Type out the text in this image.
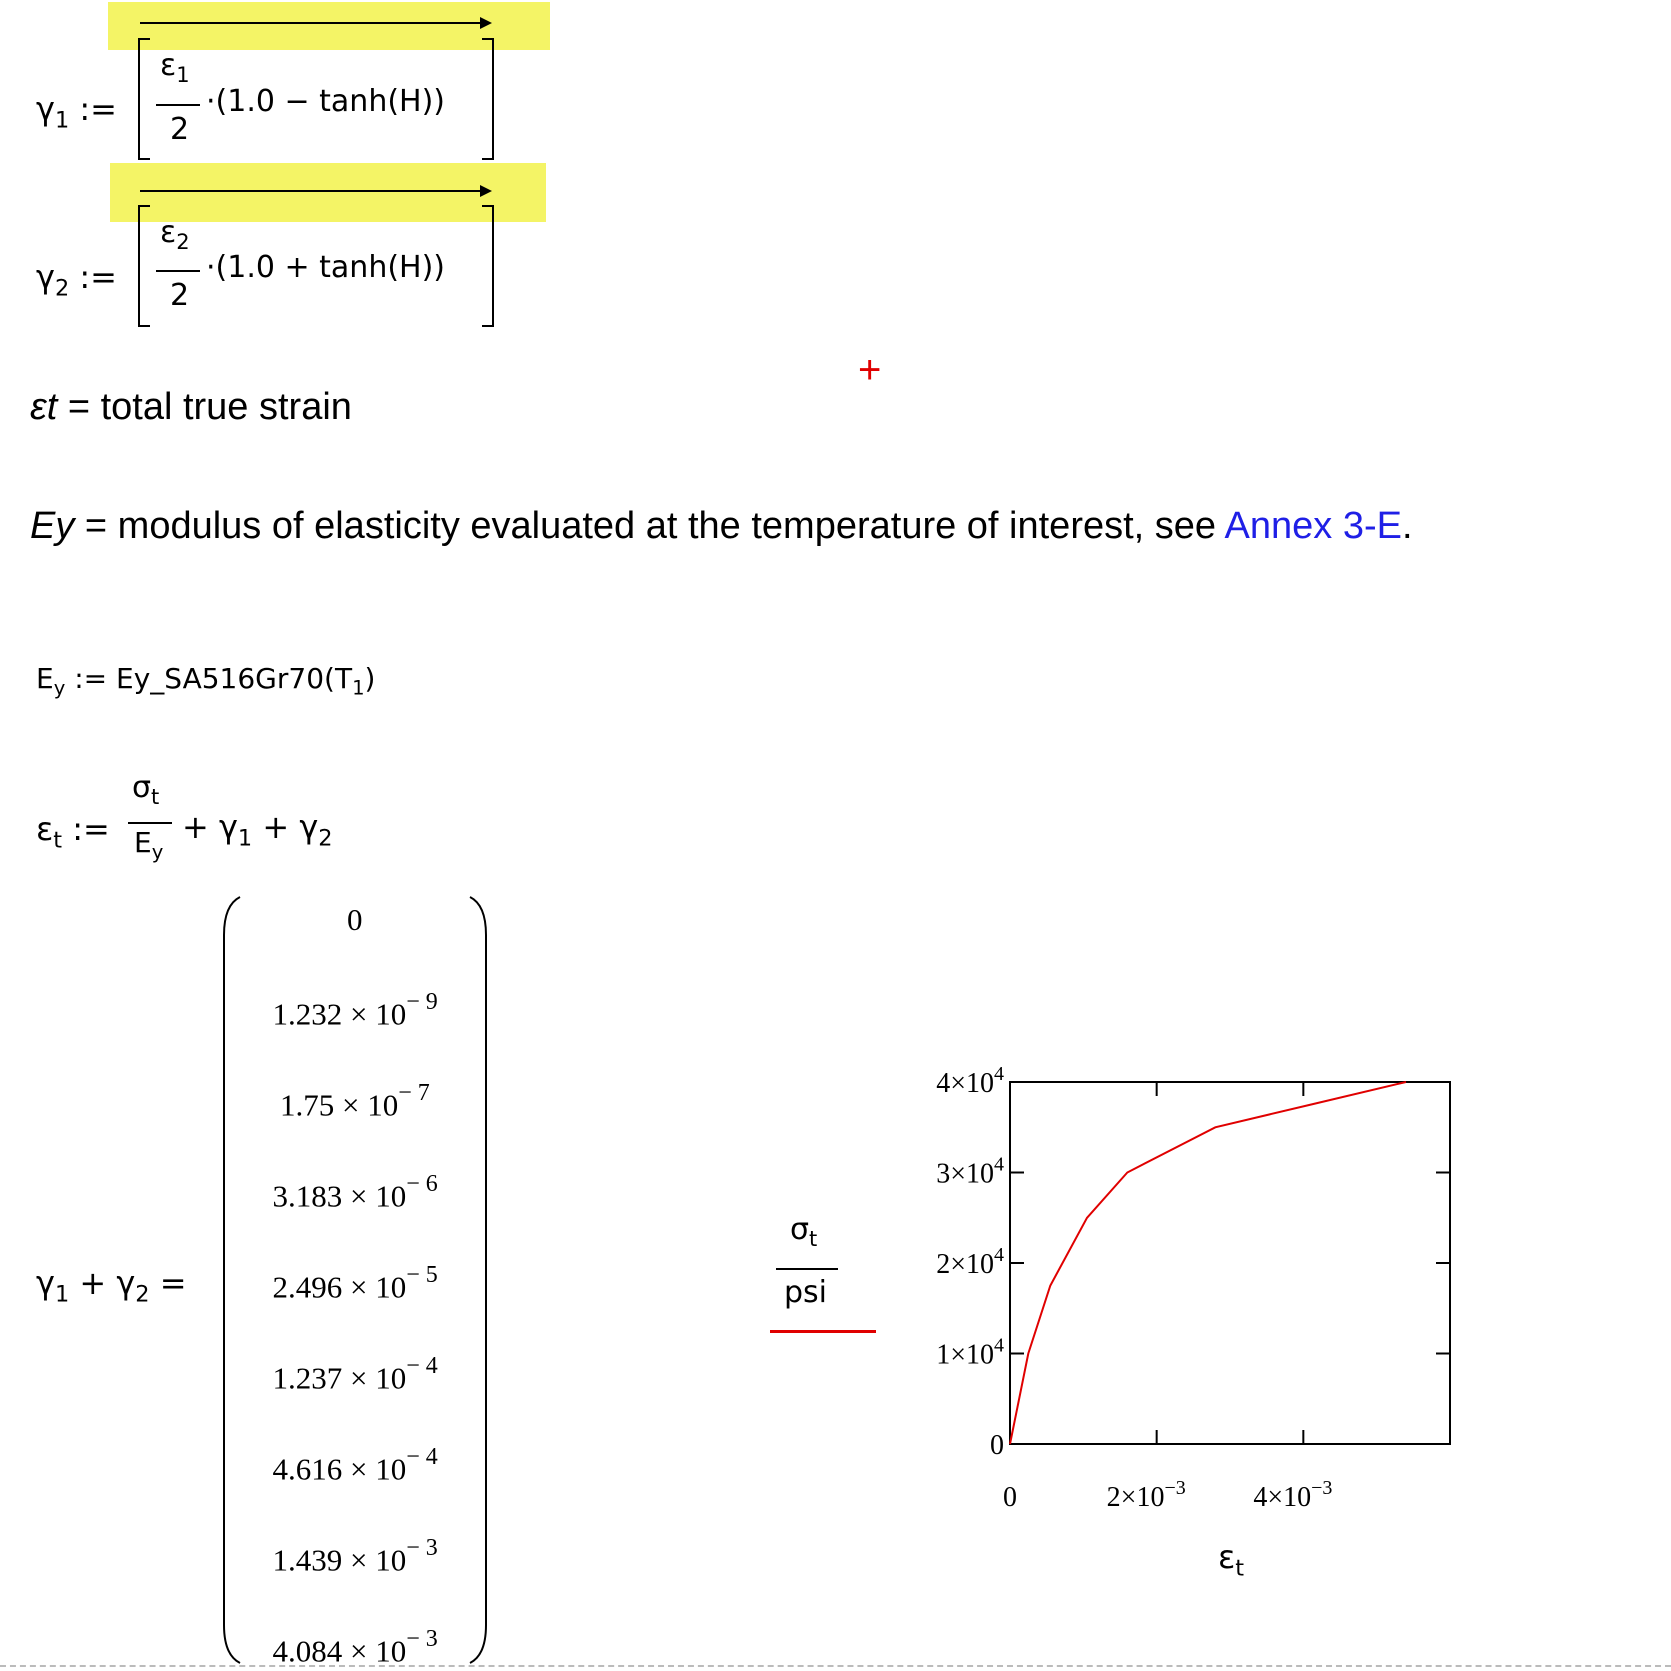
$\gamma_1$ :=
$\varepsilon_1$
2
·(1.0 − tanh(H))
$\gamma_2$ :=
$\varepsilon_2$
2
·(1.0 + tanh(H))
+
εt = total true strain
Ey = modulus of elasticity evaluated at the temperature of interest, see Annex 3-E.
$E_y$ := $Ey\_SA516Gr70(T_1)$
$\varepsilon_t$ :=
$\sigma_t$
$E_y$
+ $\gamma_1 + \gamma_2$
$\gamma_1 + \gamma_2$ =
0
$1.232 \times 10^{- 9}$
$1.75 \times 10^{- 7}$
$3.183 \times 10^{- 6}$
$2.496 \times 10^{- 5}$
$1.237 \times 10^{- 4}$
$4.616 \times 10^{- 4}$
$1.439 \times 10^{- 3}$
$4.084 \times 10^{- 3}$
$\sigma_t$
psi
0
$1\times 10^4$
$2\times 10^4$
$3\times 10^4$
$4\times 10^4$
0	$2\times 10^{-3}$ $4\times 10^{-3}$
$\varepsilon_t$
